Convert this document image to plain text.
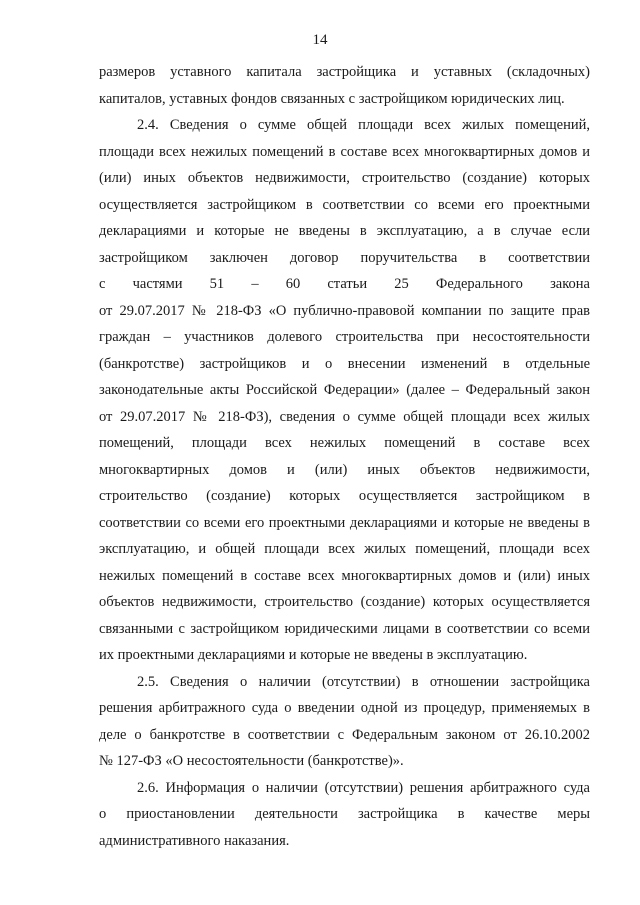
14
размеров уставного капитала застройщика и уставных (складочных)
капиталов, уставных фондов связанных с застройщиком юридических лиц.
2.4. Сведения о сумме общей площади всех жилых помещений,
площади всех нежилых помещений в составе всех многоквартирных домов и
(или) иных объектов недвижимости, строительство (создание) которых
осуществляется застройщиком в соответствии со всеми его проектными
декларациями и которые не введены в эксплуатацию, а в случае если
застройщиком заключен договор поручительства в соответствии
с частями 51 – 60 статьи 25 Федерального закона
от 29.07.2017 № 218-ФЗ «О публично-правовой компании по защите прав
граждан – участников долевого строительства при несостоятельности
(банкротстве) застройщиков и о внесении изменений в отдельные
законодательные акты Российской Федерации» (далее – Федеральный закон
от 29.07.2017 № 218-ФЗ), сведения о сумме общей площади всех жилых
помещений, площади всех нежилых помещений в составе всех
многоквартирных домов и (или) иных объектов недвижимости,
строительство (создание) которых осуществляется застройщиком в
соответствии со всеми его проектными декларациями и которые не введены в
эксплуатацию, и общей площади всех жилых помещений, площади всех
нежилых помещений в составе всех многоквартирных домов и (или) иных
объектов недвижимости, строительство (создание) которых осуществляется
связанными с застройщиком юридическими лицами в соответствии со всеми
их проектными декларациями и которые не введены в эксплуатацию.
2.5. Сведения о наличии (отсутствии) в отношении застройщика
решения арбитражного суда о введении одной из процедур, применяемых в
деле о банкротстве в соответствии с Федеральным законом от 26.10.2002
№ 127-ФЗ «О несостоятельности (банкротстве)».
2.6. Информация о наличии (отсутствии) решения арбитражного суда
о приостановлении деятельности застройщика в качестве меры
административного наказания.
